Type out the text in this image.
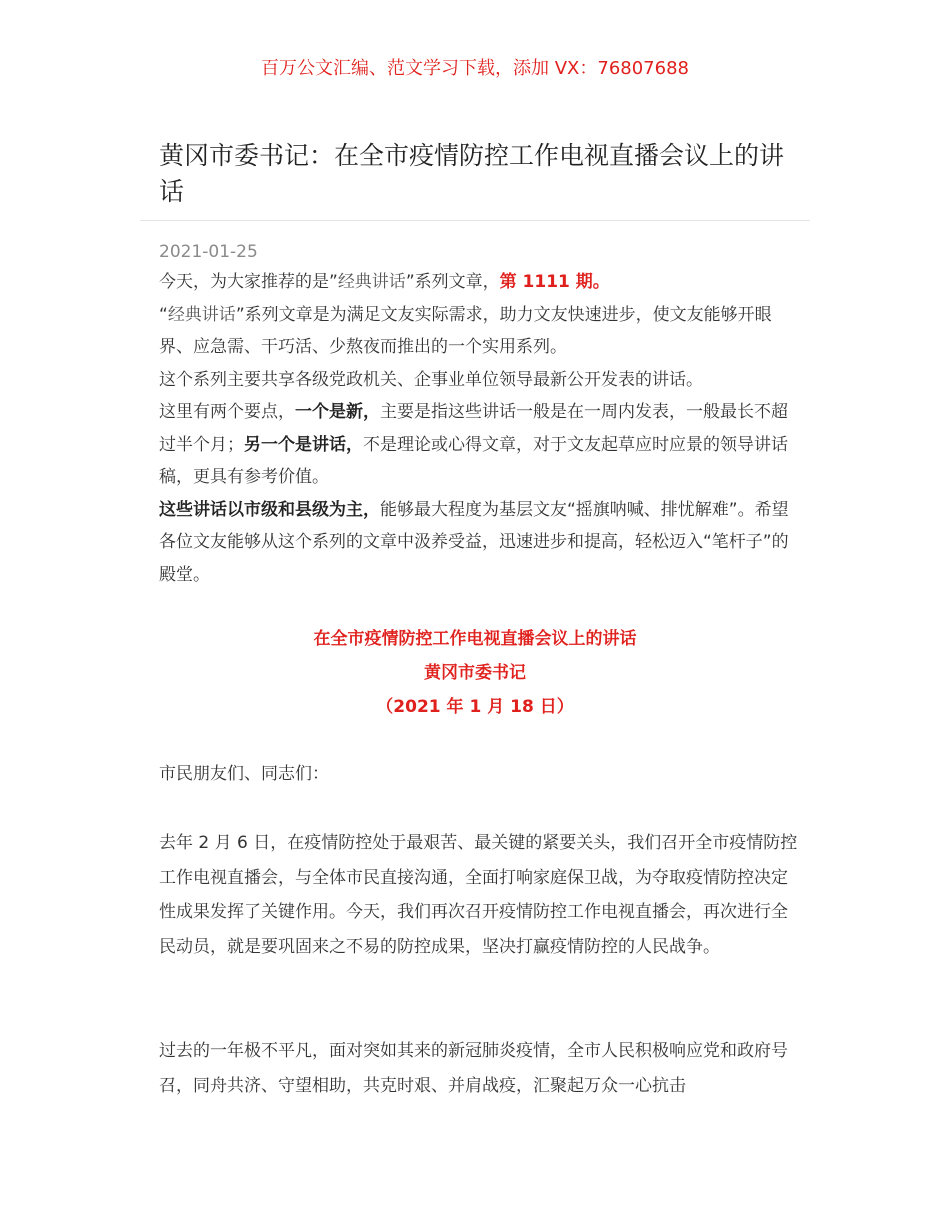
百万公文汇编、范文学习下载，添加 VX：76807688
黄冈市委书记：在全市疫情防控工作电视直播会议上的讲话
2021-01-25

今天，为大家推荐的是”经典讲话”系列文章，第 1111 期。

“经典讲话”系列文章是为满足文友实际需求，助力文友快速进步，使文友能够开眼界、应急需、干巧活、少熬夜而推出的一个实用系列。

这个系列主要共享各级党政机关、企事业单位领导最新公开发表的讲话。

这里有两个要点，一个是新，主要是指这些讲话一般是在一周内发表，一般最长不超过半个月；另一个是讲话，不是理论或心得文章，对于文友起草应时应景的领导讲话稿，更具有参考价值。

这些讲话以市级和县级为主，能够最大程度为基层文友“摇旗呐喊、排忧解难”。希望各位文友能够从这个系列的文章中汲养受益，迅速进步和提高，轻松迈入“笔杆子”的殿堂。

在全市疫情防控工作电视直播会议上的讲话
黄冈市委书记
（2021 年 1 月 18 日）

市民朋友们、同志们：

去年 2 月 6 日，在疫情防控处于最艰苦、最关键的紧要关头，我们召开全市疫情防控工作电视直播会，与全体市民直接沟通，全面打响家庭保卫战，为夺取疫情防控决定性成果发挥了关键作用。今天，我们再次召开疫情防控工作电视直播会，再次进行全民动员，就是要巩固来之不易的防控成果，坚决打赢疫情防控的人民战争。

过去的一年极不平凡，面对突如其来的新冠肺炎疫情，全市人民积极响应党和政府号召，同舟共济、守望相助，共克时艰、并肩战疫，汇聚起万众一心抗击
